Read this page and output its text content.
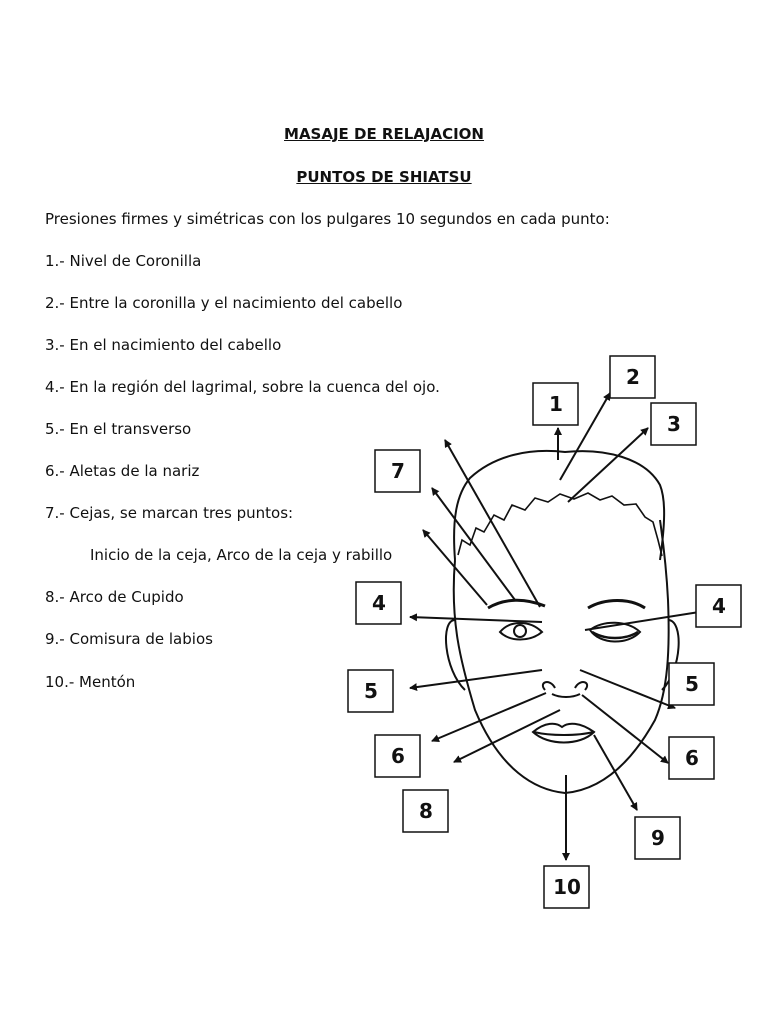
MASAJE DE RELAJACION
PUNTOS DE SHIATSU
Presiones firmes y simétricas con los pulgares 10 segundos en cada punto:
1.- Nivel de Coronilla
2.- Entre la coronilla y el nacimiento del cabello
3.- En el nacimiento del cabello
4.- En la región del lagrimal, sobre la cuenca del ojo.
5.- En el transverso
6.- Aletas de la nariz
7.- Cejas, se marcan tres puntos:
Inicio de la ceja, Arco de la ceja y rabillo
8.- Arco de Cupido
9.- Comisura de labios
10.- Mentón
1
2
3
4	4
5	5
6	6
7
8
9
10
